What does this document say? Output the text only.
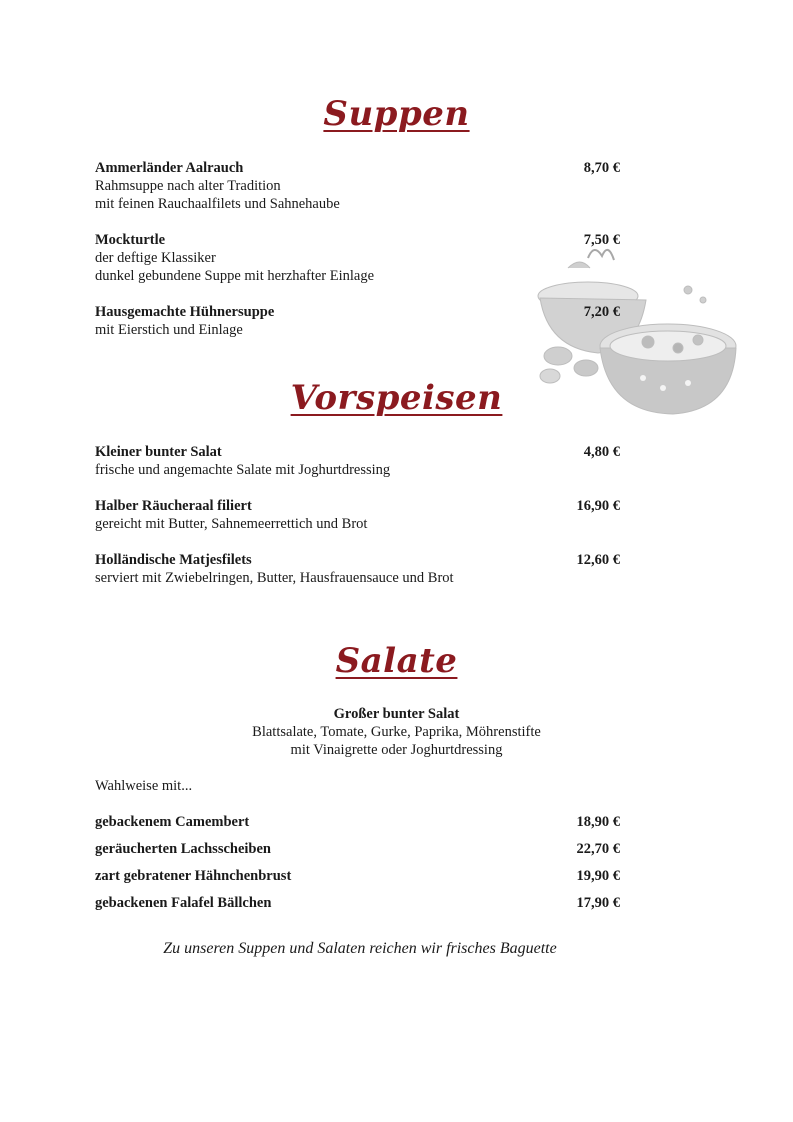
Suppen
Ammerländer Aalrauch	8,70 €
Rahmsuppe nach alter Tradition
mit feinen Rauchaalfilets und Sahnehaube
Mockturtle	7,50 €
der deftige Klassiker
dunkel gebundene Suppe mit herzhafter Einlage
Hausgemachte Hühnersuppe	7,20 €
mit Eierstich und Einlage
Vorspeisen
Kleiner bunter Salat	4,80 €
frische und angemachte Salate mit Joghurtdressing
Halber Räucheraal filiert	16,90 €
gereicht mit Butter, Sahnemeerrettich und Brot
Holländische Matjesfilets	12,60 €
serviert mit Zwiebelringen, Butter, Hausfrauensauce und Brot
Salate
Großer bunter Salat
Blattsalate, Tomate, Gurke, Paprika, Möhrenstifte
mit Vinaigrette oder Joghurtdressing
Wahlweise mit...
gebackenem Camembert	18,90 €
geräucherten Lachsscheiben	22,70 €
zart gebratener Hähnchenbrust	19,90 €
gebackenen Falafel Bällchen	17,90 €
Zu unseren Suppen und Salaten reichen wir frisches Baguette
